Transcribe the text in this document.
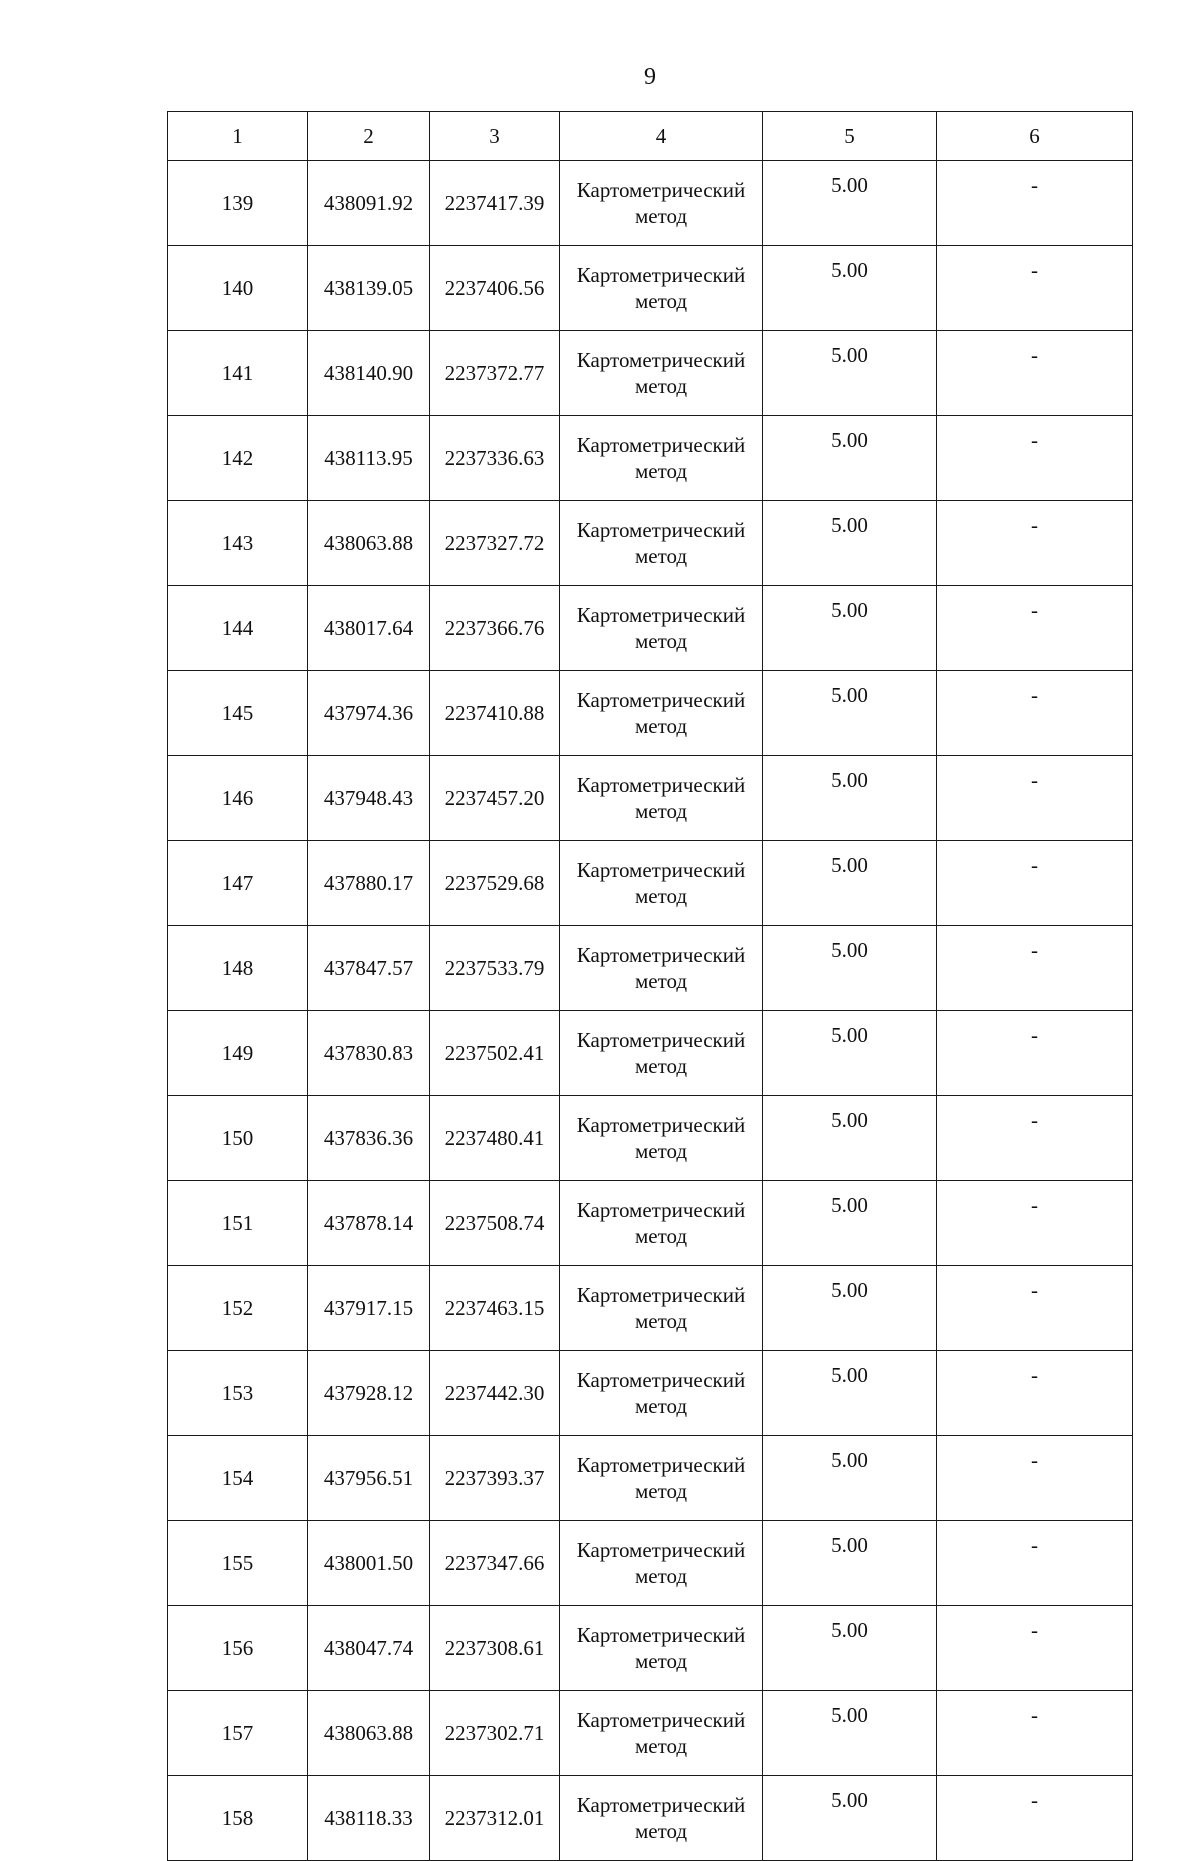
9
1	2	3	4	5	6
139	438091.92	2237417.39	Картометрический
метод	5.00	-
140	438139.05	2237406.56	Картометрический
метод	5.00	-
141	438140.90	2237372.77	Картометрический
метод	5.00	-
142	438113.95	2237336.63	Картометрический
метод	5.00	-
143	438063.88	2237327.72	Картометрический
метод	5.00	-
144	438017.64	2237366.76	Картометрический
метод	5.00	-
145	437974.36	2237410.88	Картометрический
метод	5.00	-
146	437948.43	2237457.20	Картометрический
метод	5.00	-
147	437880.17	2237529.68	Картометрический
метод	5.00	-
148	437847.57	2237533.79	Картометрический
метод	5.00	-
149	437830.83	2237502.41	Картометрический
метод	5.00	-
150	437836.36	2237480.41	Картометрический
метод	5.00	-
151	437878.14	2237508.74	Картометрический
метод	5.00	-
152	437917.15	2237463.15	Картометрический
метод	5.00	-
153	437928.12	2237442.30	Картометрический
метод	5.00	-
154	437956.51	2237393.37	Картометрический
метод	5.00	-
155	438001.50	2237347.66	Картометрический
метод	5.00	-
156	438047.74	2237308.61	Картометрический
метод	5.00	-
157	438063.88	2237302.71	Картометрический
метод	5.00	-
158	438118.33	2237312.01	Картометрический
метод	5.00	-
